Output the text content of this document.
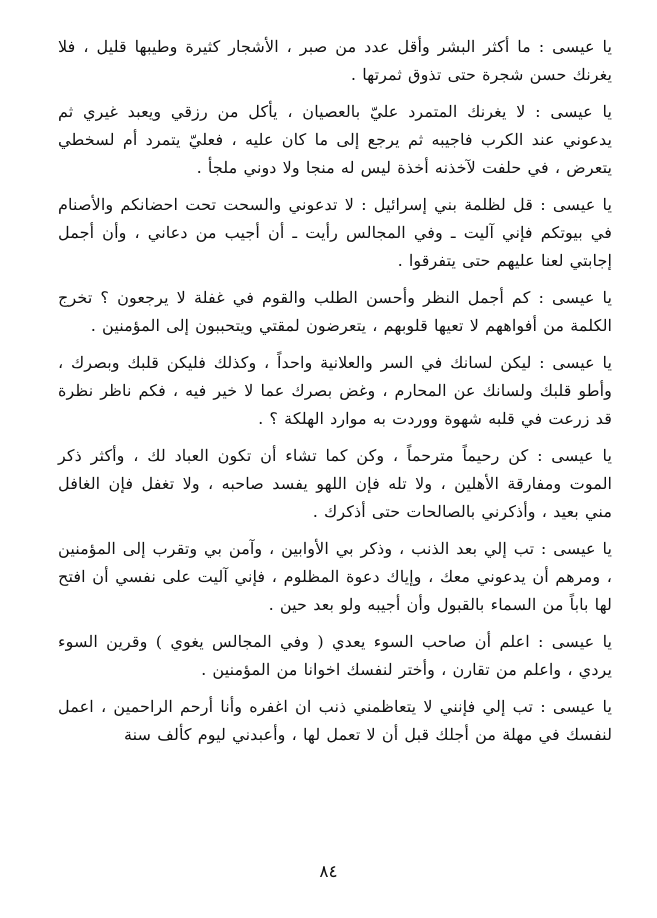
يا عيسى : ما أكثر البشر وأقل عدد من صبر ، الأشجار كثيرة وطيبها قليل ، فلا يغرنك حسن شجرة حتى تذوق ثمرتها .

يا عيسى : لا يغرنك المتمرد عليّ بالعصيان ، يأكل من رزقي ويعبد غيري ثم يدعوني عند الكرب فاجيبه ثم يرجع إلى ما كان عليه ، فعليّ يتمرد أم لسخطي يتعرض ، في حلفت لآخذنه أخذة ليس له منجا ولا دوني ملجأ .

يا عيسى : قل لظلمة بني إسرائيل : لا تدعوني والسحت تحت احضانكم والأصنام في بيوتكم فإني آليت ـ وفي المجالس رأيت ـ أن أجيب من دعاني ، وأن أجمل إجابتي لعنا عليهم حتى يتفرقوا .

يا عيسى : كم أجمل النظر وأحسن الطلب والقوم في غفلة لا يرجعون ؟ تخرج الكلمة من أفواههم لا تعيها قلوبهم ، يتعرضون لمقتي ويتحببون إلى المؤمنين .

يا عيسى : ليكن لسانك في السر والعلانية واحداً ، وكذلك فليكن قلبك وبصرك ، وأطو قلبك ولسانك عن المحارم ، وغض بصرك عما لا خير فيه ، فكم ناظر نظرة قد زرعت في قلبه شهوة ووردت به موارد الهلكة ؟ .

يا عيسى : كن رحيماً مترحماً ، وكن كما تشاء أن تكون العباد لك ، وأكثر ذكر الموت ومفارقة الأهلين ، ولا تله فإن اللهو يفسد صاحبه ، ولا تغفل فإن الغافل مني بعيد ، وأذكرني بالصالحات حتى أذكرك .

يا عيسى : تب إلي بعد الذنب ، وذكر بي الأوابين ، وآمن بي وتقرب إلى المؤمنين ، ومرهم أن يدعوني معك ، وإياك دعوة المظلوم ، فإني آليت على نفسي أن افتح لها باباً من السماء بالقبول وأن أجيبه ولو بعد حين .

يا عيسى : اعلم أن صاحب السوء يعدي ( وفي المجالس يغوي ) وقرين السوء يردي ، واعلم من تقارن ، وأختر لنفسك اخوانا من المؤمنين .

يا عيسى : تب إلي فإنني لا يتعاظمني ذنب ان اغفره وأنا أرحم الراحمين ، اعمل لنفسك في مهلة من أجلك قبل أن لا تعمل لها ، وأعبدني ليوم كألف سنة

٨٤
